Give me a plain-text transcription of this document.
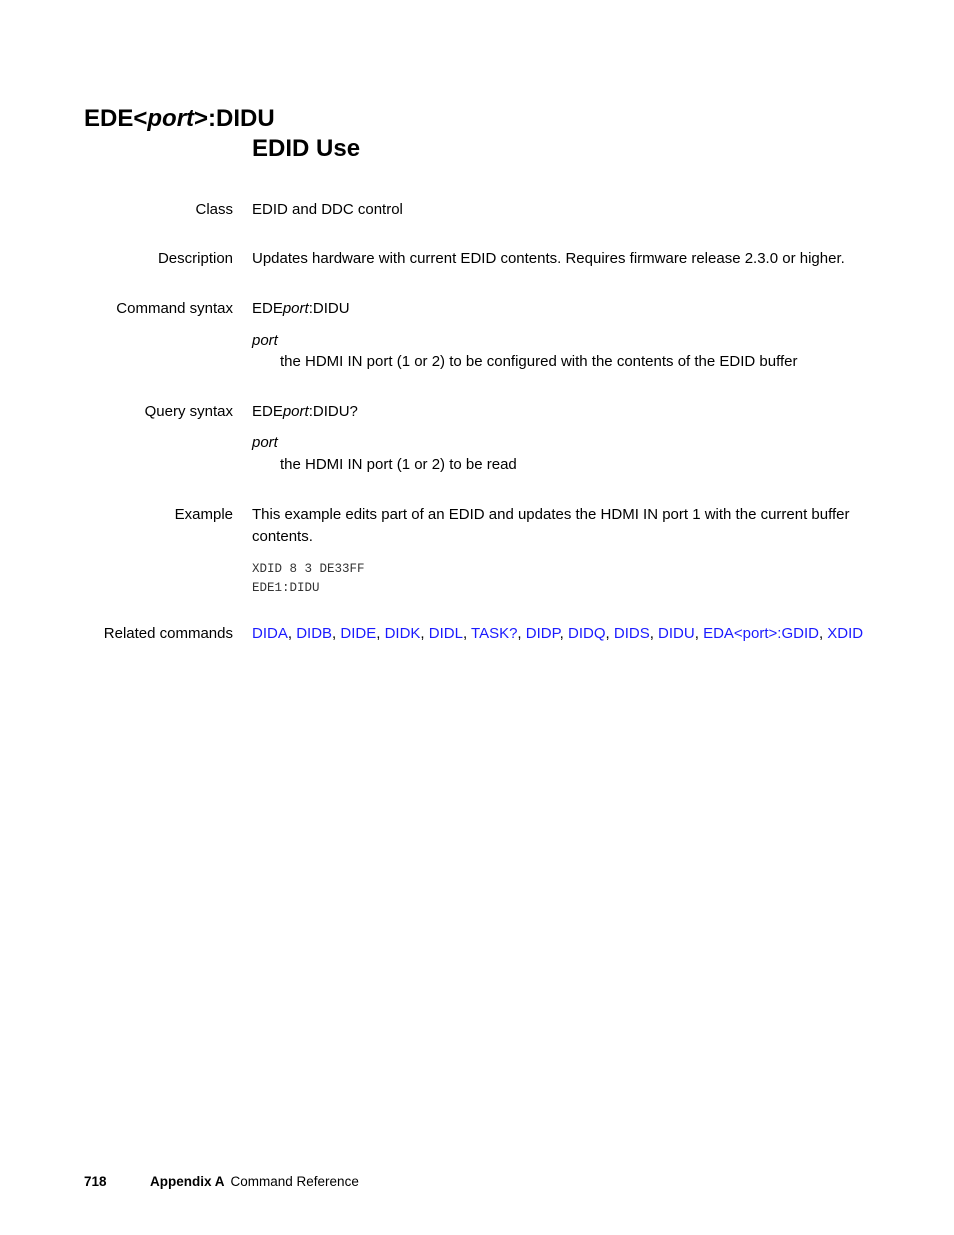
EDE<port>:DIDU
EDID Use
Class EDID and DDC control
Description Updates hardware with current EDID contents. Requires firmware release 2.3.0 or higher.
Command syntax EDEport:DIDU
port
the HDMI IN port (1 or 2) to be configured with the contents of the EDID buffer
Query syntax EDEport:DIDU?
port
the HDMI IN port (1 or 2) to be read
Example This example edits part of an EDID and updates the HDMI IN port 1 with the current buffer contents.
XDID 8 3 DE33FF
EDE1:DIDU
Related commands DIDA, DIDB, DIDE, DIDK, DIDL, TASK?, DIDP, DIDQ, DIDS, DIDU, EDA<port>:GDID, XDID
718	Appendix A Command Reference
